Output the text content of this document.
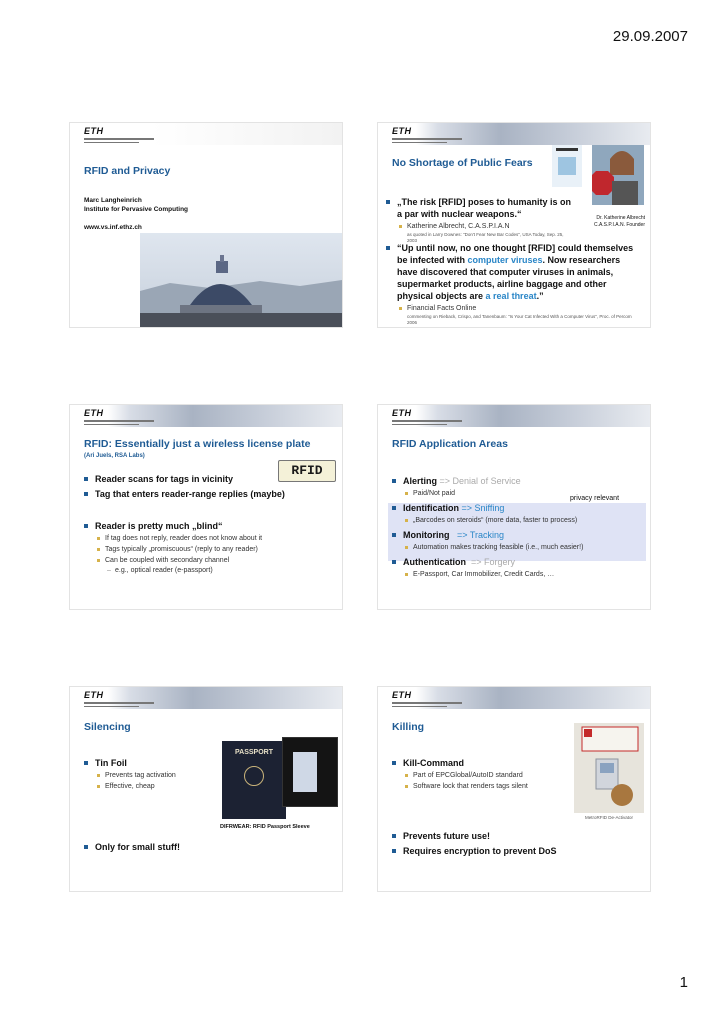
29.09.2007
ETH
RFID and Privacy
Marc Langheinrich
Institute for Pervasive Computing
www.vs.inf.ethz.ch
ETH
No Shortage of Public Fears
Dr. Katherine Albrecht
C.A.S.P.I.A.N. Founder
„The risk [RFID] poses to humanity is on a par with nuclear weapons.“
Katherine Albrecht, C.A.S.P.I.A.N
as quoted in Larry Downes: "Don't Fear New Bar Codes", USA Today, Sep. 25, 2003
“Up until now, no one thought [RFID] could themselves be infected with computer viruses. Now researchers have discovered that computer viruses in animals, supermarket products, airline baggage and other physical objects are a real threat.”
Financial Facts Online
commenting on Rieback, Crispo, and Tanenbaum: "Is Your Cat Infected With a Computer Virus", Proc. of Percom 2006
ETH
RFID: Essentially just a wireless license plate
(Ari Juels, RSA Labs)
RFID
Reader scans for tags in vicinity
Tag that enters reader-range replies (maybe)
Reader is pretty much „blind“
If tag does not reply, reader does not know about it
Tags typically „promiscuous“ (reply to any reader)
Can be coupled with secondary channel
– e.g., optical reader (e-passport)
ETH
RFID Application Areas
privacy relevant
Alerting => Denial of Service
Paid/Not paid
Identification => Sniffing
„Barcodes on steroids“ (more data, faster to process)
Monitoring => Tracking
Automation makes tracking feasible (i.e., much easier!)
Authentication => Forgery
E-Passport, Car Immobilizer, Credit Cards, …
ETH
Silencing
Tin Foil
Prevents tag activation
Effective, cheap
Only for small stuff!
PASSPORT
DIFRWEAR: RFID Passport Sleeve
ETH
Killing
Kill-Command
Part of EPCGlobal/AutoID standard
Software lock that renders tags silent
Prevents future use!
Requires encryption to prevent DoS
MetroRFID De-Activator
1
